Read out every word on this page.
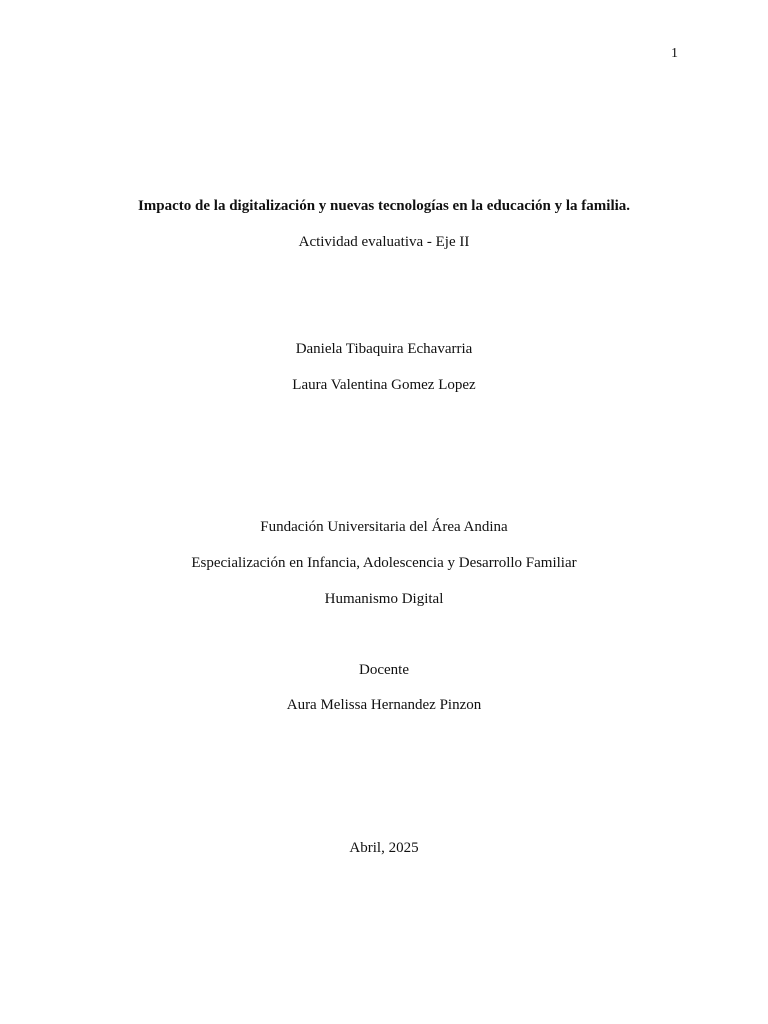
1
Impacto de la digitalización y nuevas tecnologías en la educación y la familia.
Actividad evaluativa - Eje II
Daniela Tibaquira Echavarria
Laura Valentina Gomez Lopez
Fundación Universitaria del Área Andina
Especialización en Infancia, Adolescencia y Desarrollo Familiar
Humanismo Digital
Docente
Aura Melissa Hernandez Pinzon
Abril, 2025
